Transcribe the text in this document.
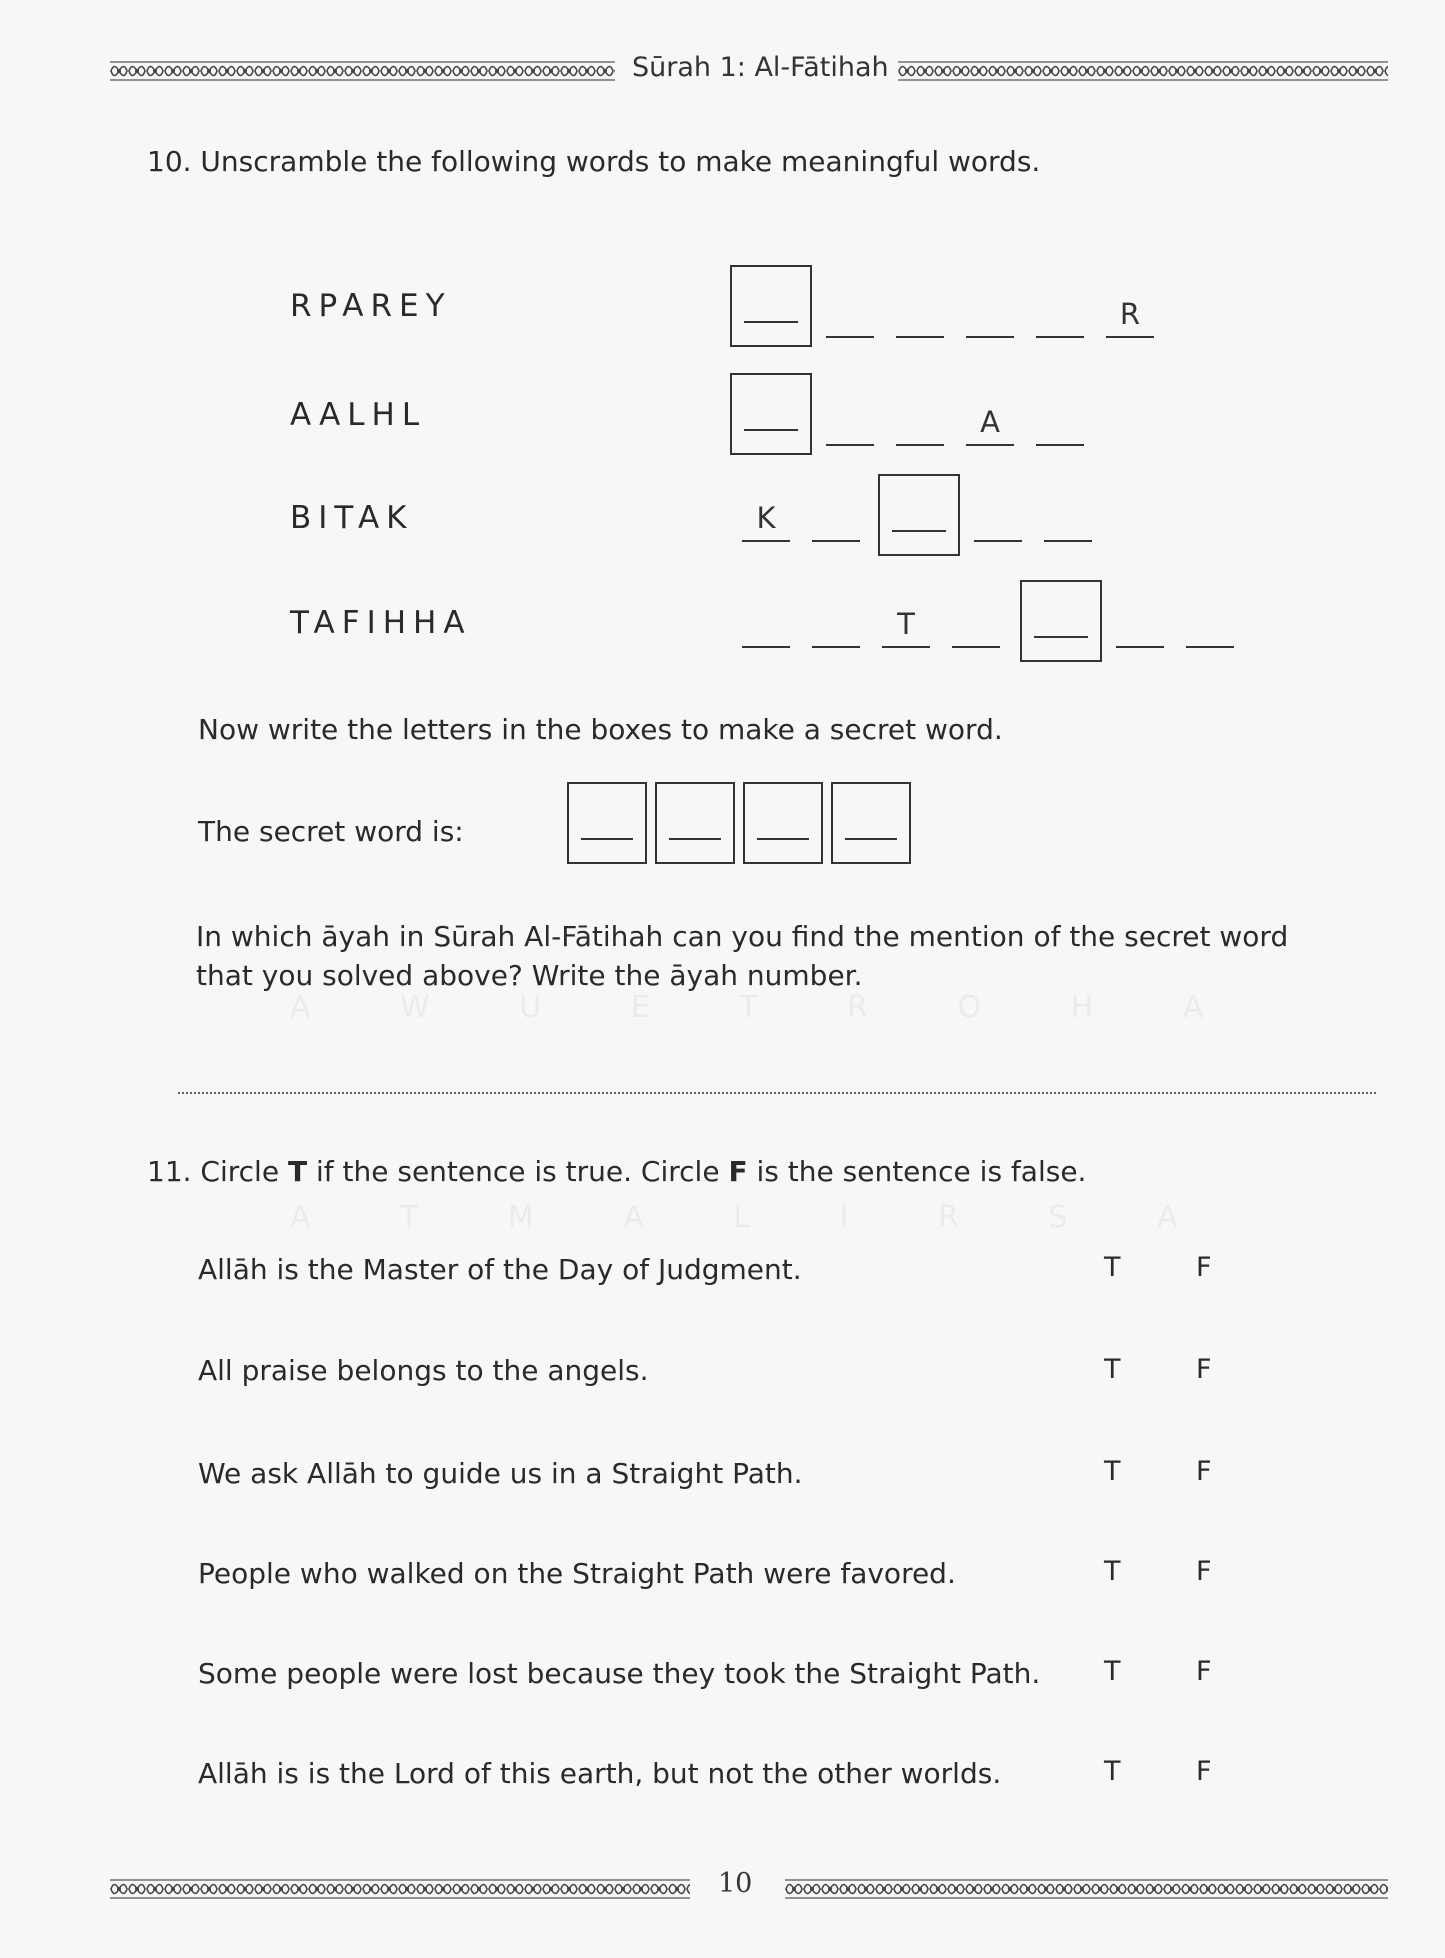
A W U E T R O H A
A T M A L I R S A
Sūrah 1: Al-Fātihah
10. Unscramble the following words to make meaningful words.
RPAREY	R
AALHL	A
BITAK	K
TAFIHHA	T
Now write the letters in the boxes to make a secret word.
The secret word is:
In which āyah in Sūrah Al-Fātihah can you find the mention of the secret word
that you solved above? Write the āyah number.
11. Circle T if the sentence is true. Circle F is the sentence is false.
Allāh is the Master of the Day of Judgment.	T	F
All praise belongs to the angels.	T	F
We ask Allāh to guide us in a Straight Path.	T	F
People who walked on the Straight Path were favored.	T	F
Some people were lost because they took the Straight Path. T	F
Allāh is is the Lord of this earth, but not the other worlds.	T	F
10
